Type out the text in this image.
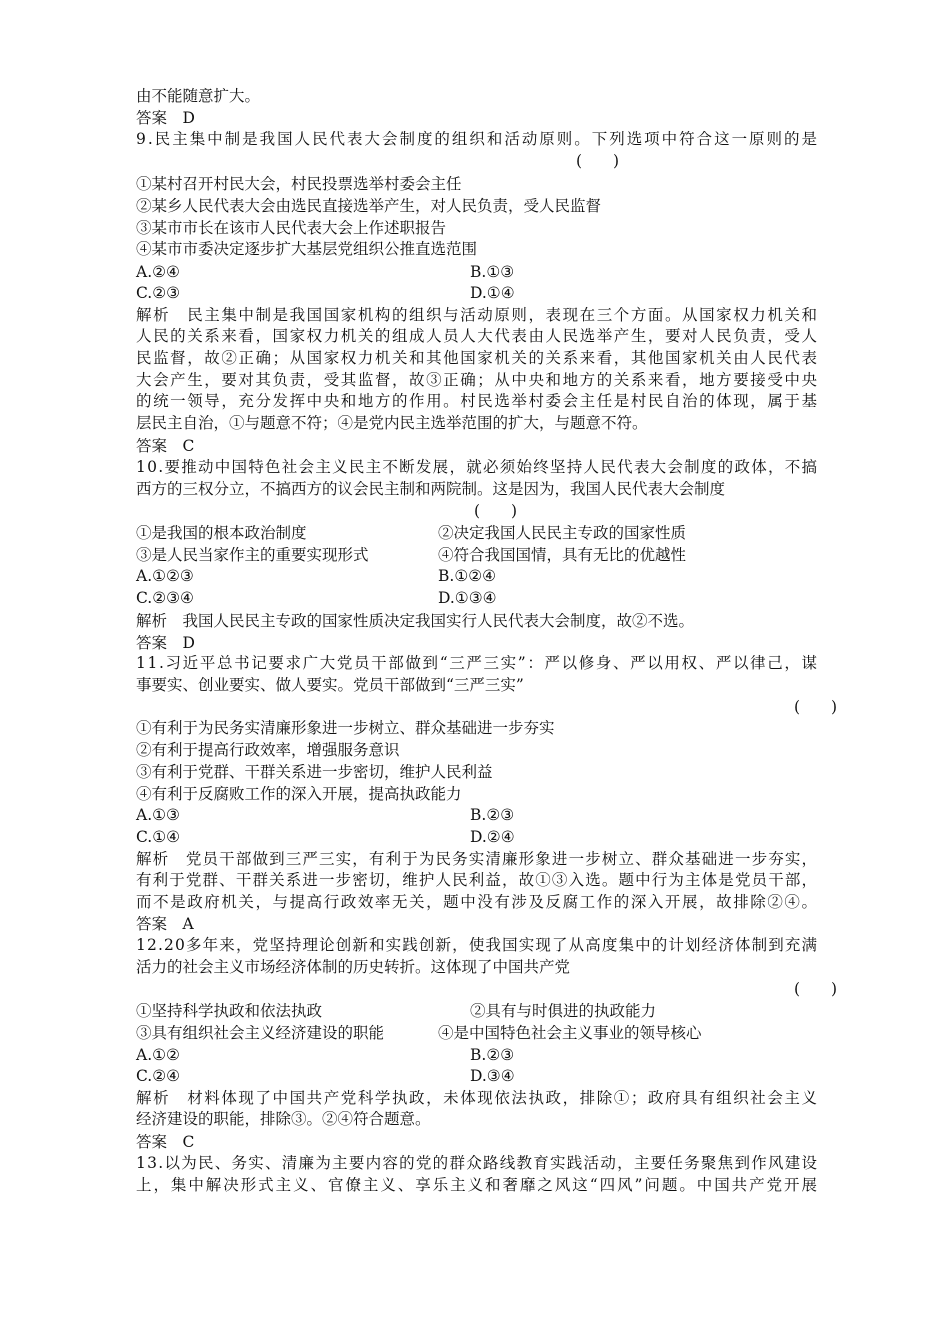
由不能随意扩大。
答案　D
9.民主集中制是我国人民代表大会制度的组织和活动原则。下列选项中符合这一原则的是
(　　)
①某村召开村民大会，村民投票选举村委会主任
②某乡人民代表大会由选民直接选举产生，对人民负责，受人民监督
③某市市长在该市人民代表大会上作述职报告
④某市市委决定逐步扩大基层党组织公推直选范围
A.②④	B.①③
C.②③	D.①④
解析　民主集中制是我国国家机构的组织与活动原则，表现在三个方面。从国家权力机关和
人民的关系来看，国家权力机关的组成人员人大代表由人民选举产生，要对人民负责，受人
民监督，故②正确；从国家权力机关和其他国家机关的关系来看，其他国家机关由人民代表
大会产生，要对其负责，受其监督，故③正确；从中央和地方的关系来看，地方要接受中央
的统一领导，充分发挥中央和地方的作用。村民选举村委会主任是村民自治的体现，属于基
层民主自治，①与题意不符；④是党内民主选举范围的扩大，与题意不符。
答案　C
10.要推动中国特色社会主义民主不断发展，就必须始终坚持人民代表大会制度的政体，不搞
西方的三权分立，不搞西方的议会民主制和两院制。这是因为，我国人民代表大会制度
(　　)
①是我国的根本政治制度	②决定我国人民民主专政的国家性质
③是人民当家作主的重要实现形式	④符合我国国情，具有无比的优越性
A.①②③	B.①②④
C.②③④	D.①③④
解析　我国人民民主专政的国家性质决定我国实行人民代表大会制度，故②不选。
答案　D
11.习近平总书记要求广大党员干部做到“三严三实”：严以修身、严以用权、严以律己，谋
事要实、创业要实、做人要实。党员干部做到“三严三实”
(　　)
①有利于为民务实清廉形象进一步树立、群众基础进一步夯实
②有利于提高行政效率，增强服务意识
③有利于党群、干群关系进一步密切，维护人民利益
④有利于反腐败工作的深入开展，提高执政能力
A.①③	B.②③
C.①④	D.②④
解析　党员干部做到三严三实，有利于为民务实清廉形象进一步树立、群众基础进一步夯实，
有利于党群、干群关系进一步密切，维护人民利益，故①③入选。题中行为主体是党员干部，
而不是政府机关，与提高行政效率无关，题中没有涉及反腐工作的深入开展，故排除②④。
答案　A
12.20多年来，党坚持理论创新和实践创新，使我国实现了从高度集中的计划经济体制到充满
活力的社会主义市场经济体制的历史转折。这体现了中国共产党
(　　)
①坚持科学执政和依法执政	②具有与时俱进的执政能力
③具有组织社会主义经济建设的职能	④是中国特色社会主义事业的领导核心
A.①②	B.②③
C.②④	D.③④
解析　材料体现了中国共产党科学执政，未体现依法执政，排除①；政府具有组织社会主义
经济建设的职能，排除③。②④符合题意。
答案　C
13.以为民、务实、清廉为主要内容的党的群众路线教育实践活动，主要任务聚焦到作风建设
上，集中解决形式主义、官僚主义、享乐主义和奢靡之风这“四风”问题。中国共产党开展
